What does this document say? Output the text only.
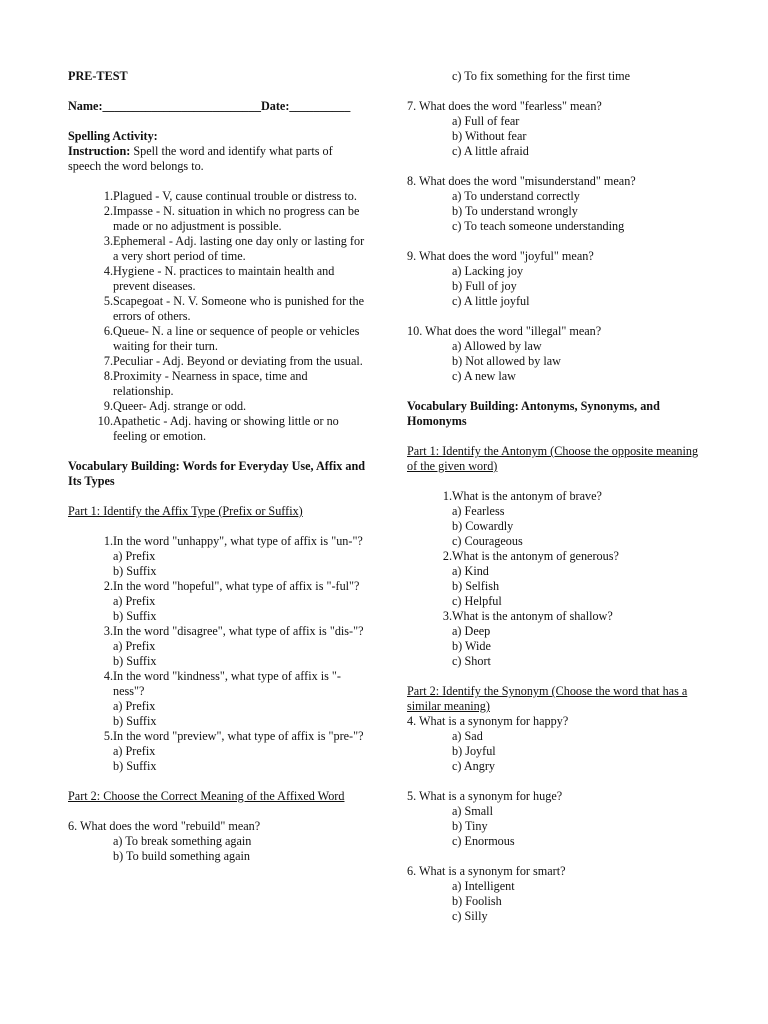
PRE-TEST
Name:__________________________Date:__________
Spelling Activity:
Instruction: Spell the word and identify what parts of speech the word belongs to.
1. Plagued - V, cause continual trouble or distress to.
2. Impasse - N. situation in which no progress can be made or no adjustment is possible.
3. Ephemeral - Adj. lasting one day only or lasting for a very short period of time.
4. Hygiene - N. practices to maintain health and prevent diseases.
5. Scapegoat - N. V. Someone who is punished for the errors of others.
6. Queue- N. a line or sequence of people or vehicles waiting for their turn.
7. Peculiar - Adj. Beyond or deviating from the usual.
8. Proximity - Nearness in space, time and relationship.
9. Queer- Adj. strange or odd.
10. Apathetic - Adj. having or showing little or no feeling or emotion.
Vocabulary Building: Words for Everyday Use, Affix and Its Types
Part 1: Identify the Affix Type (Prefix or Suffix)
1. In the word "unhappy", what type of affix is "un-"?
a) Prefix
b) Suffix
2. In the word "hopeful", what type of affix is "-ful"?
a) Prefix
b) Suffix
3. In the word "disagree", what type of affix is "dis-"?
a) Prefix
b) Suffix
4. In the word "kindness", what type of affix is "-ness"?
a) Prefix
b) Suffix
5. In the word "preview", what type of affix is "pre-"?
a) Prefix
b) Suffix
Part 2: Choose the Correct Meaning of the Affixed Word
6. What does the word "rebuild" mean?
a) To break something again
b) To build something again
c) To fix something for the first time
7. What does the word "fearless" mean?
a) Full of fear
b) Without fear
c) A little afraid
8. What does the word "misunderstand" mean?
a) To understand correctly
b) To understand wrongly
c) To teach someone understanding
9. What does the word "joyful" mean?
a) Lacking joy
b) Full of joy
c) A little joyful
10. What does the word "illegal" mean?
a) Allowed by law
b) Not allowed by law
c) A new law
Vocabulary Building: Antonyms, Synonyms, and Homonyms
Part 1: Identify the Antonym (Choose the opposite meaning of the given word)
1. What is the antonym of brave?
a) Fearless
b) Cowardly
c) Courageous
2. What is the antonym of generous?
a) Kind
b) Selfish
c) Helpful
3. What is the antonym of shallow?
a) Deep
b) Wide
c) Short
Part 2: Identify the Synonym (Choose the word that has a similar meaning)
4. What is a synonym for happy?
a) Sad
b) Joyful
c) Angry
5. What is a synonym for huge?
a) Small
b) Tiny
c) Enormous
6. What is a synonym for smart?
a) Intelligent
b) Foolish
c) Silly
